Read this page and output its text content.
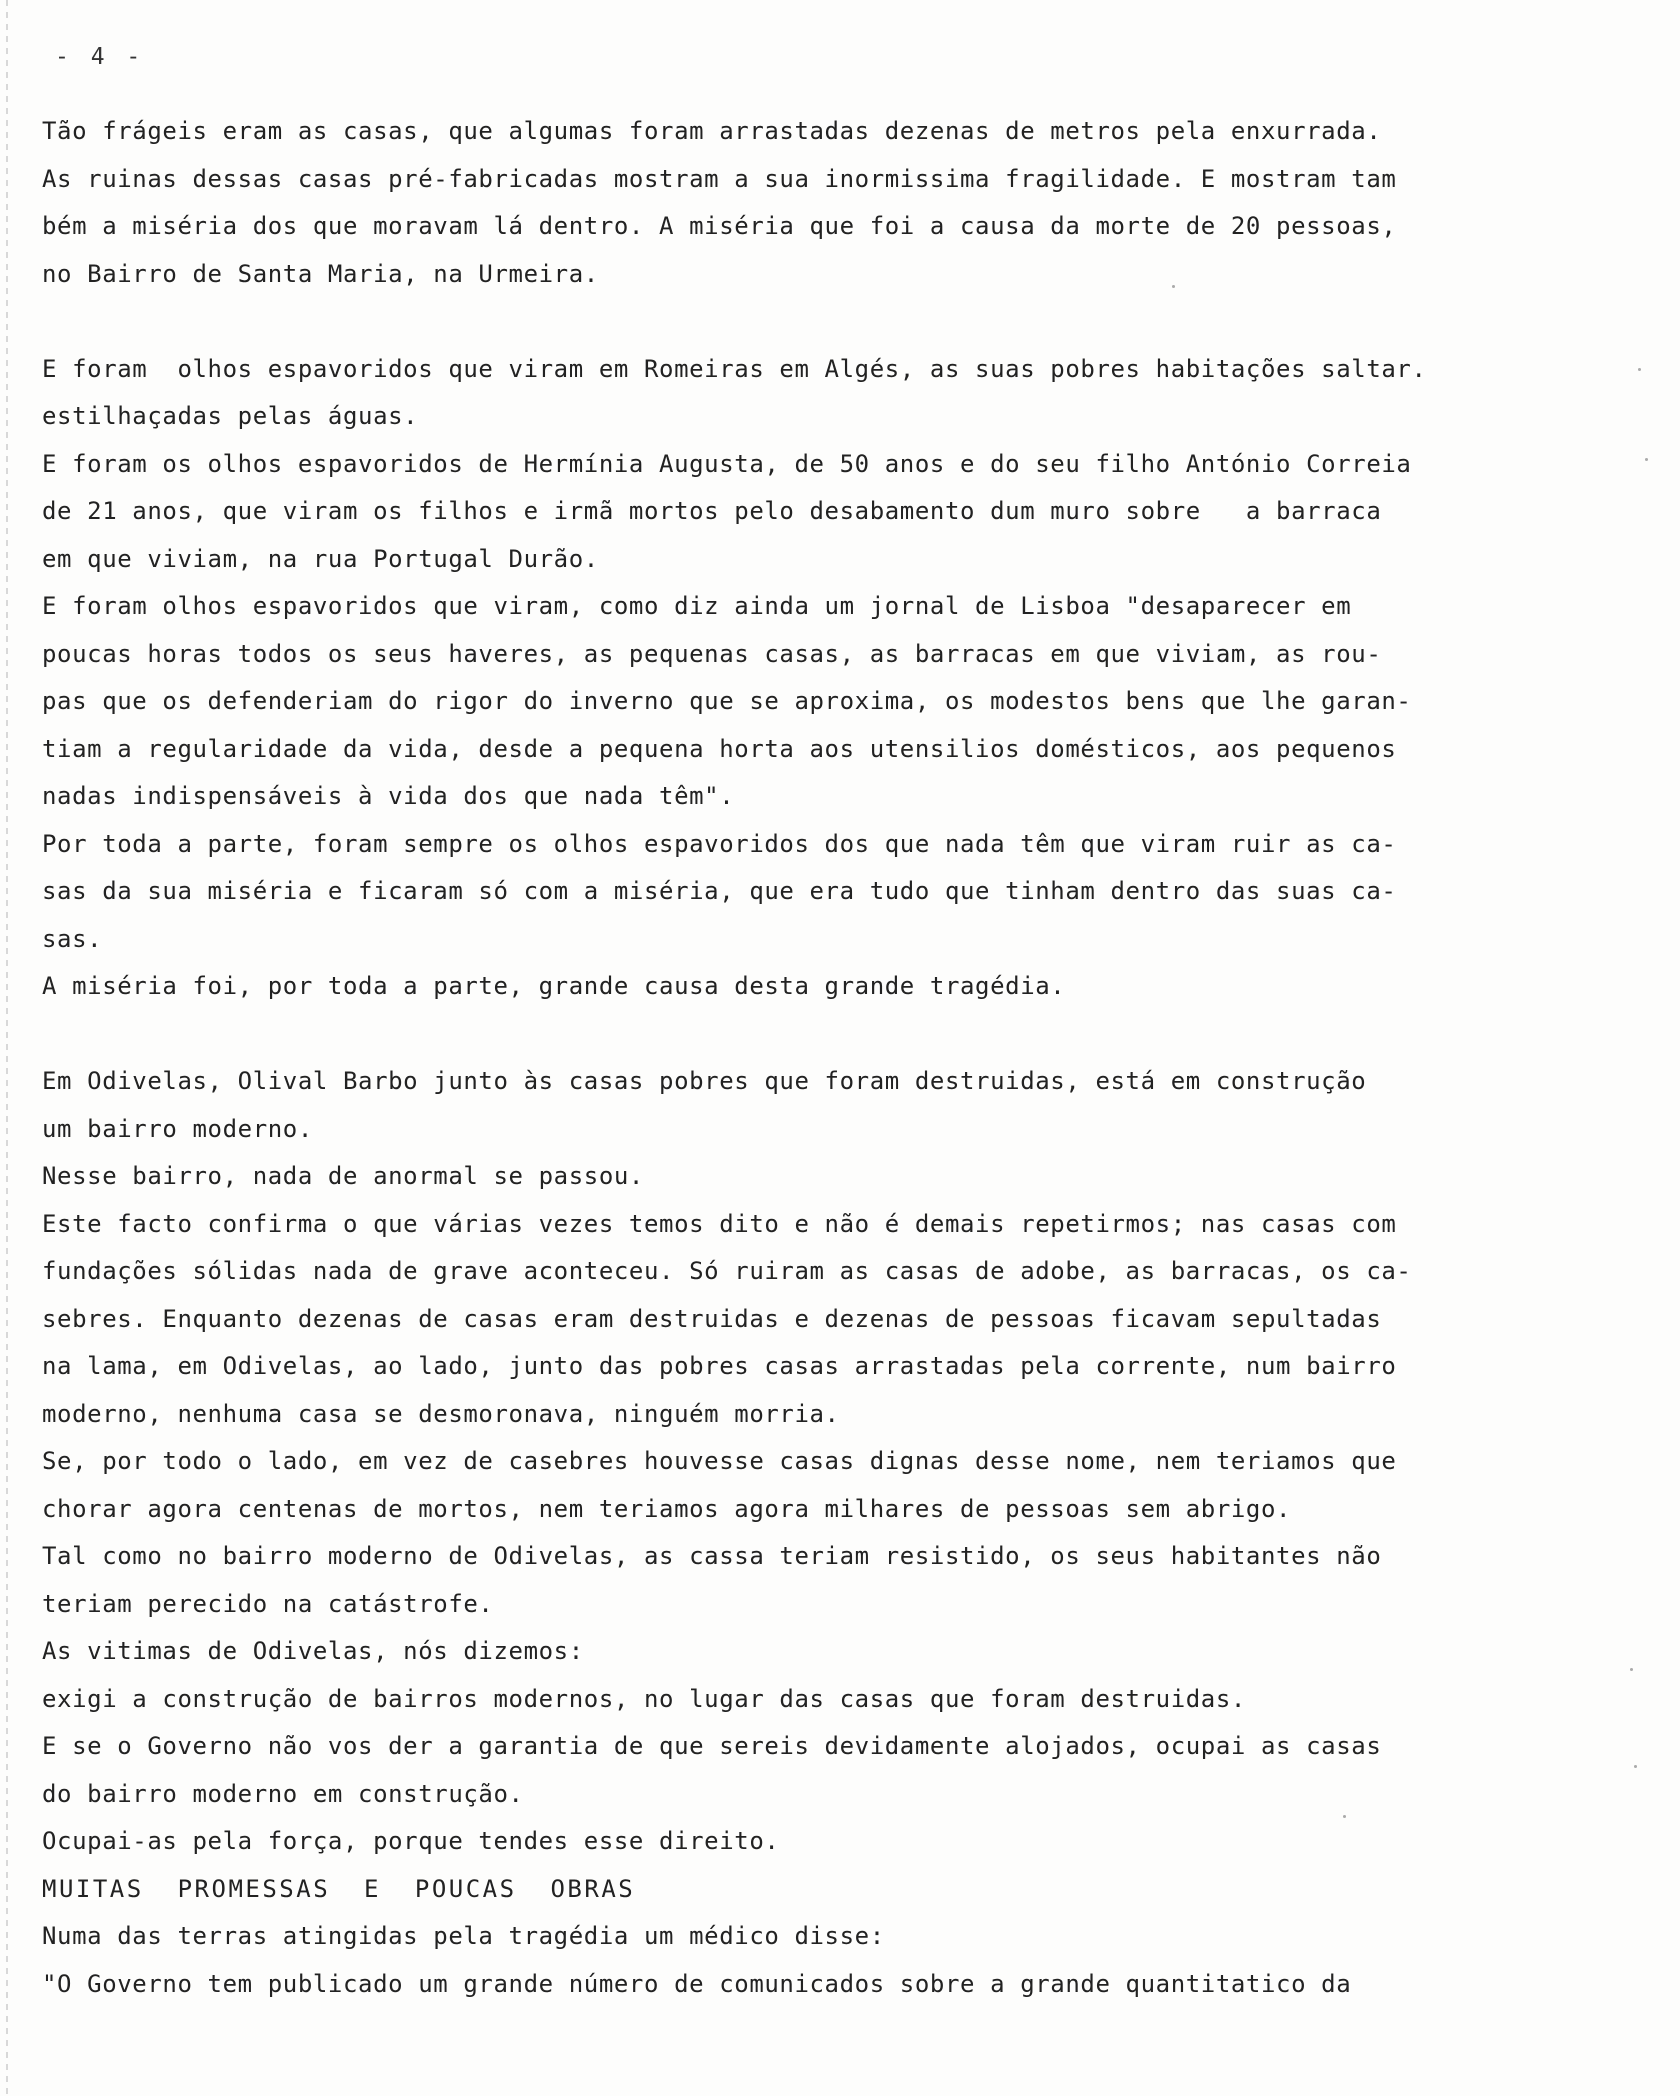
- 4 -
Tão frágeis eram as casas, que algumas foram arrastadas dezenas de metros pela enxurrada.
As ruinas dessas casas pré-fabricadas mostram a sua inormissima fragilidade. E mostram tam
bém a miséria dos que moravam lá dentro. A miséria que foi a causa da morte de 20 pessoas,
no Bairro de Santa Maria, na Urmeira.
E foram  olhos espavoridos que viram em Romeiras em Algés, as suas pobres habitações saltar.
estilhaçadas pelas águas.
E foram os olhos espavoridos de Hermínia Augusta, de 50 anos e do seu filho António Correia
de 21 anos, que viram os filhos e irmã mortos pelo desabamento dum muro sobre   a barraca
em que viviam, na rua Portugal Durão.
E foram olhos espavoridos que viram, como diz ainda um jornal de Lisboa "desaparecer em
poucas horas todos os seus haveres, as pequenas casas, as barracas em que viviam, as rou-
pas que os defenderiam do rigor do inverno que se aproxima, os modestos bens que lhe garan-
tiam a regularidade da vida, desde a pequena horta aos utensilios domésticos, aos pequenos
nadas indispensáveis à vida dos que nada têm".
Por toda a parte, foram sempre os olhos espavoridos dos que nada têm que viram ruir as ca-
sas da sua miséria e ficaram só com a miséria, que era tudo que tinham dentro das suas ca-
sas.
A miséria foi, por toda a parte, grande causa desta grande tragédia.
Em Odivelas, Olival Barbo junto às casas pobres que foram destruidas, está em construção
um bairro moderno.
Nesse bairro, nada de anormal se passou.
Este facto confirma o que várias vezes temos dito e não é demais repetirmos; nas casas com
fundações sólidas nada de grave aconteceu. Só ruiram as casas de adobe, as barracas, os ca-
sebres. Enquanto dezenas de casas eram destruidas e dezenas de pessoas ficavam sepultadas
na lama, em Odivelas, ao lado, junto das pobres casas arrastadas pela corrente, num bairro
moderno, nenhuma casa se desmoronava, ninguém morria.
Se, por todo o lado, em vez de casebres houvesse casas dignas desse nome, nem teriamos que
chorar agora centenas de mortos, nem teriamos agora milhares de pessoas sem abrigo.
Tal como no bairro moderno de Odivelas, as cassa teriam resistido, os seus habitantes não
teriam perecido na catástrofe.
As vitimas de Odivelas, nós dizemos:
exigi a construção de bairros modernos, no lugar das casas que foram destruidas.
E se o Governo não vos der a garantia de que sereis devidamente alojados, ocupai as casas
do bairro moderno em construção.
Ocupai-as pela força, porque tendes esse direito.
MUITAS  PROMESSAS  E  POUCAS  OBRAS
Numa das terras atingidas pela tragédia um médico disse:
"O Governo tem publicado um grande número de comunicados sobre a grande quantitatico da
